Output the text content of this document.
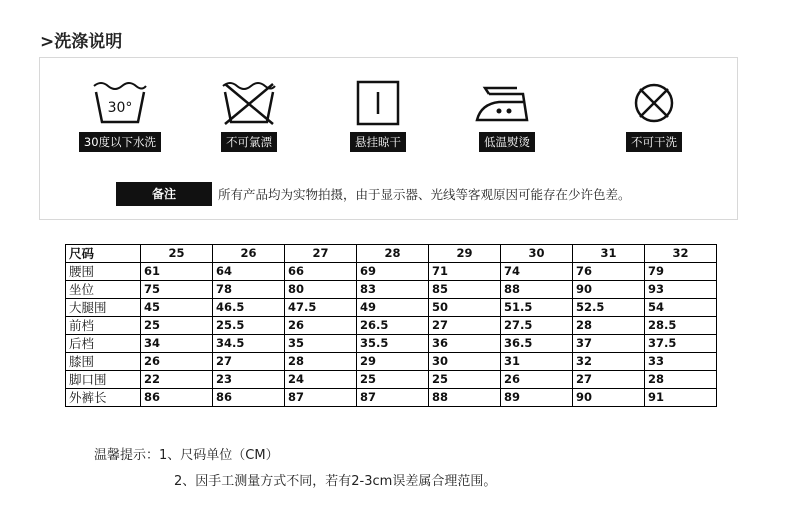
>洗涤说明
30°
30度以下水洗	不可氯漂	悬挂晾干	低温熨烫	不可干洗
备注	所有产品均为实物拍摄，由于显示器、光线等客观原因可能存在少许色差。
尺码	25	26	27	28	29	30	31	32
腰围	61	64	66	69	71	74	76	79
坐位	75	78	80	83	85	88	90	93
大腿围	45	46.5	47.5	49	50	51.5	52.5	54
前档	25	25.5	26	26.5	27	27.5	28	28.5
后档	34	34.5	35	35.5	36	36.5	37	37.5
膝围	26	27	28	29	30	31	32	33
脚口围	22	23	24	25	25	26	27	28
外裤长	86	86	87	87	88	89	90	91
温馨提示：1、尺码单位（CM）
2、因手工测量方式不同，若有2-3cm误差属合理范围。
